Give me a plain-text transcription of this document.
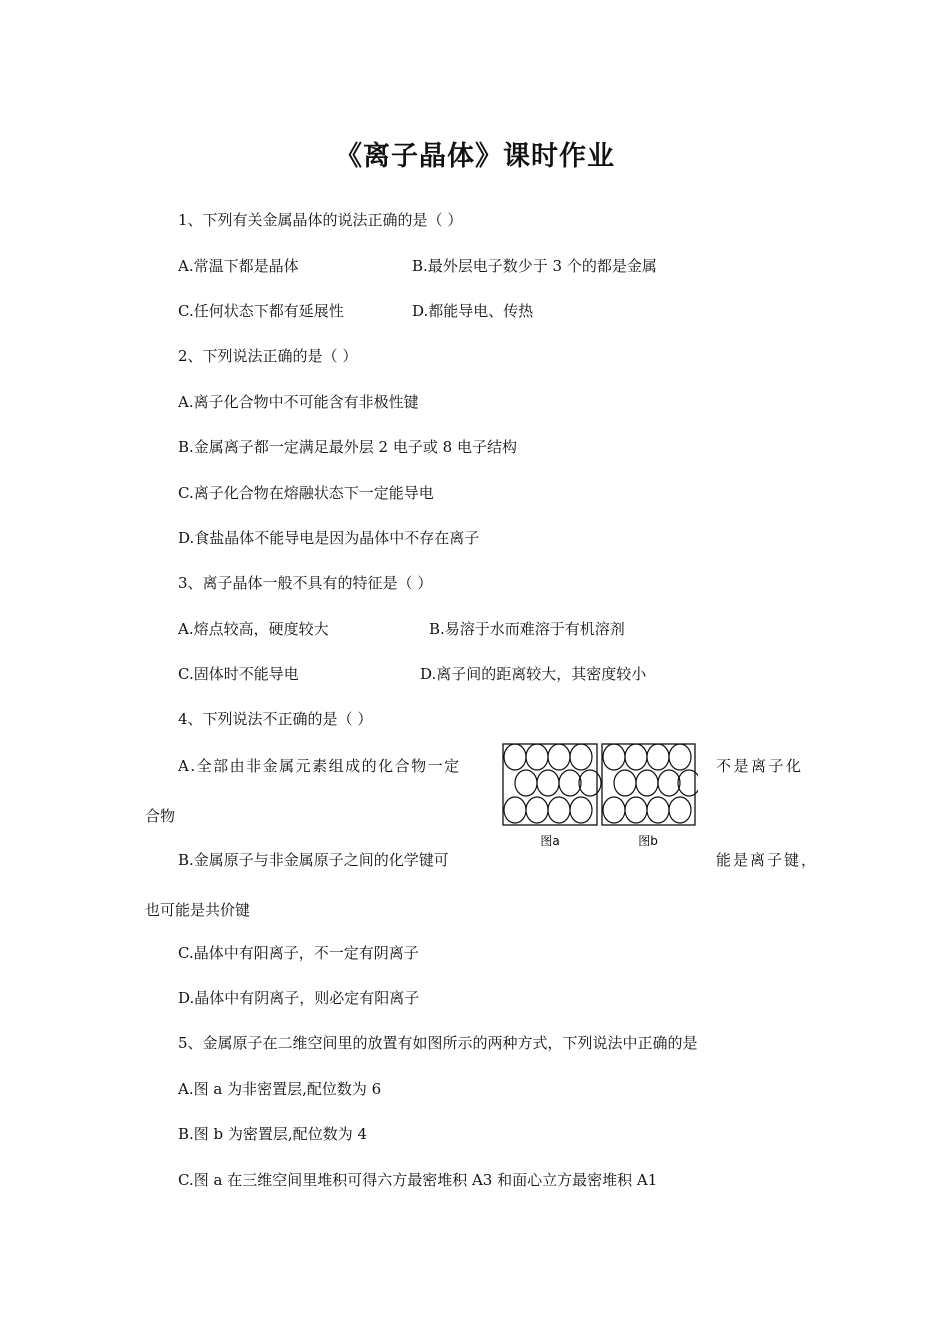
《离子晶体》课时作业
1、下列有关金属晶体的说法正确的是（ ）
A.常温下都是晶体	B.最外层电子数少于 3 个的都是金属
C.任何状态下都有延展性	D.都能导电、传热
2、下列说法正确的是（ ）
A.离子化合物中不可能含有非极性键
B.金属离子都一定满足最外层 2 电子或 8 电子结构
C.离子化合物在熔融状态下一定能导电
D.食盐晶体不能导电是因为晶体中不存在离子
3、离子晶体一般不具有的特征是（ ）
A.熔点较高，硬度较大	B.易溶于水而难溶于有机溶剂
C.固体时不能导电	D.离子间的距离较大，其密度较小
4、下列说法不正确的是（ ）
A.全部由非金属元素组成的化合物一定	不是离子化
合物
B.金属原子与非金属原子之间的化学键可	能是离子键，
也可能是共价键
C.晶体中有阳离子，不一定有阴离子
D.晶体中有阴离子，则必定有阳离子
5、金属原子在二维空间里的放置有如图所示的两种方式，下列说法中正确的是
A.图 a 为非密置层,配位数为 6
B.图 b 为密置层,配位数为 4
C.图 a 在三维空间里堆积可得六方最密堆积 A3 和面心立方最密堆积 A1
图a	图b
